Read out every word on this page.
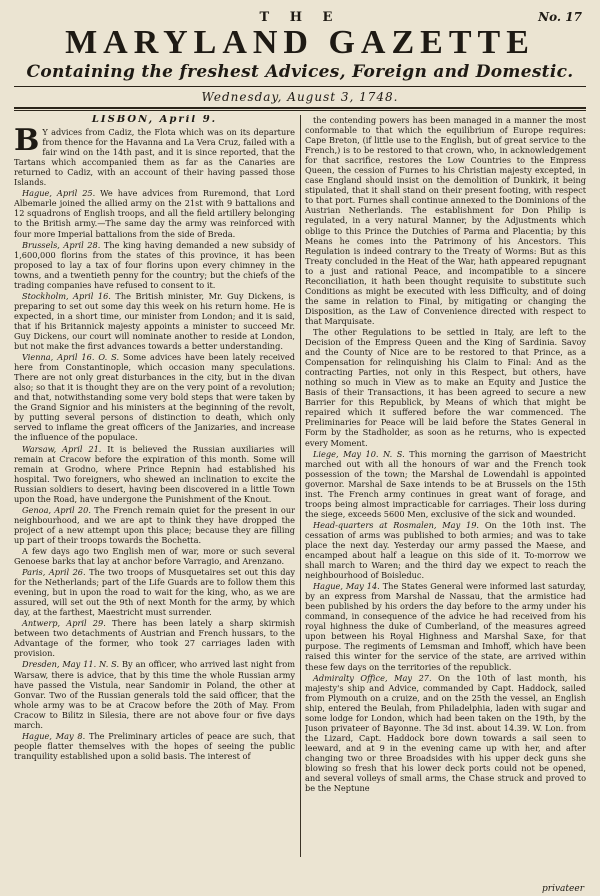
T H E	No. 17
MARYLAND GAZETTE
Containing the freshest Advices, Foreign and Domestic.
Wednesday, August 3, 1748.
LISBON, April 9.

B Y advices from Cadiz, the Flota which was on its departure from thence for the Havanna and La Vera Cruz, failed with a fair wind on the 14th past, and it is since reported, that the Tartans which accompanied them as far as the Canaries are returned to Cadiz, with an account of their having passed those Islands.

Hague, April 25. We have advices from Ruremond, that Lord Albemarle joined the allied army on the 21st with 9 battalions and 12 squadrons of English troops, and all the field artillery belonging to the British army.—The same day the army was reinforced with four more Imperial battalions from the side of Breda.

Brussels, April 28. The king having demanded a new subsidy of 1,600,000 florins from the states of this province, it has been proposed to lay a tax of four florins upon every chimney in the towns, and a twentieth penny for the country; but the chiefs of the trading companies have refused to consent to it.

Stockholm, April 16. The British minister, Mr. Guy Dickens, is preparing to set out some day this week on his return home. He is expected, in a short time, our minister from London; and it is said, that if his Britannick majesty appoints a minister to succeed Mr. Guy Dickens, our court will nominate another to reside at London, but not make the first advances towards a better understanding.

Vienna, April 16. O. S. Some advices have been lately received here from Constantinople, which occasion many speculations. There are not only great disturbances in the city, but in the divan also; so that it is thought they are on the very point of a revolution; and that, notwithstanding some very bold steps that were taken by the Grand Signior and his ministers at the beginning of the revolt, by putting several persons of distinction to death, which only served to inflame the great officers of the Janizaries, and increase the influence of the populace.

Warsaw, April 21. It is believed the Russian auxiliaries will remain at Cracow before the expiration of this month. Some will remain at Grodno, where Prince Repnin had established his hospital. Two foreigners, who shewed an inclination to excite the Russian soldiers to desert, having been discovered in a little Town upon the Road, have undergone the Punishment of the Knout.

Genoa, April 20. The French remain quiet for the present in our neighbourhood, and we are apt to think they have dropped the project of a new attempt upon this place; because they are filling up part of their troops towards the Bochetta.

A few days ago two English men of war, more or such several Genoese barks that lay at anchor before Varragio, and Arenzano.

Paris, April 26. The two troops of Musquetaires set out this day for the Netherlands; part of the Life Guards are to follow them this evening, but in upon the road to wait for the king, who, as we are assured, will set out the 9th of next Month for the army, by which day, at the farthest, Maestricht must surrender.

Antwerp, April 29. There has been lately a sharp skirmish between two detachments of Austrian and French hussars, to the Advantage of the former, who took 27 carriages laden with provision.

Dresden, May 11. N. S. By an officer, who arrived last night from Warsaw, there is advice, that by this time the whole Russian army have passed the Vistula, near Sandomir in Poland, the other at Gonvar. Two of the Russian generals told the said officer, that the whole army was to be at Cracow before the 20th of May. From Cracow to Bilitz in Silesia, there are not above four or five days march.

Hague, May 8. The Preliminary articles of peace are such, that people flatter themselves with the hopes of seeing the public tranquility established upon a solid basis. The interest of

the contending powers has been managed in a manner the most conformable to that which the equilibrium of Europe requires: Cape Breton, (if little use to the English, but of great service to the French,) is to be restored to that crown, who, in acknowledgement for that sacrifice, restores the Low Countries to the Empress Queen, the cession of Furnes to his Christian majesty excepted, in case England should insist on the demolition of Dunkirk, it being stipulated, that it shall stand on their present footing, with respect to that port. Furnes shall continue annexed to the Dominions of the Austrian Netherlands. The establishment for Don Philip is regulated, in a very natural Manner, by the Adjustments which oblige to this Prince the Dutchies of Parma and Placentia; by this Means he comes into the Patrimony of his Ancestors. This Regulation is indeed contrary to the Treaty of Worms: But as this Treaty concluded in the Heat of the War, hath appeared repugnant to a just and rational Peace, and incompatible to a sincere Reconciliation, it hath been thought requisite to substitute such Conditions as might be executed with less Difficulty, and of doing the same in relation to Final, by mitigating or changing the Disposition, as the Law of Convenience directed with respect to that Marquisate.

The other Regulations to be settled in Italy, are left to the Decision of the Empress Queen and the King of Sardinia. Savoy and the County of Nice are to be restored to that Prince, as a Compensation for relinquishing his Claim to Final: And as the contracting Parties, not only in this Respect, but others, have nothing so much in View as to make an Equity and Justice the Basis of their Transactions, it has been agreed to secure a new Barrier for this Republick, by Means of which that might be repaired which it suffered before the war commenced. The Preliminaries for Peace will be laid before the States General in Form by the Stadholder, as soon as he returns, who is expected every Moment.

Liege, May 10. N. S. This morning the garrison of Maestricht marched out with all the honours of war and the French took possession of the town; the Marshal de Lowendahl is appointed governor. Marshal de Saxe intends to be at Brussels on the 15th inst. The French army continues in great want of forage, and troops being almost impracticable for carriages. Their loss during the siege, exceeds 5600 Men, exclusive of the sick and wounded.

Head-quarters at Rosmalen, May 19. On the 10th inst. The cessation of arms was published to both armies; and was to take place the next day. Yesterday our army passed the Maese, and encamped about half a league on this side of it. To-morrow we shall march to Waren; and the third day we expect to reach the neighbourhood of Boisleduc.

Hague, May 14. The States General were informed last saturday, by an express from Marshal de Nassau, that the armistice had been published by his orders the day before to the army under his command, in consequence of the advice he had received from his royal highness the duke of Cumberland, of the measures agreed upon between his Royal Highness and Marshal Saxe, for that purpose. The regiments of Lemsman and Imhoff, which have been raised this winter for the service of the state, are arrived within these few days on the territories of the republick.

Admiralty Office, May 27. On the 10th of last month, his majesty's ship and Advice, commanded by Capt. Haddock, sailed from Plymouth on a cruize, and on the 25th the vessel, an English ship, entered the Beulah, from Philadelphia, laden with sugar and some lodge for London, which had been taken on the 19th, by the Juson privateer of Bayonne. The 3d inst. about 14.39. W. Lon. from the Lizard, Capt. Haddock bore down towards a sail seen to leeward, and at 9 in the evening came up with her, and after changing two or three Broadsides with his upper deck guns she blowing so fresh that his lower deck ports could not be opened, and several volleys of small arms, the Chase struck and proved to be the Neptune

privateer
